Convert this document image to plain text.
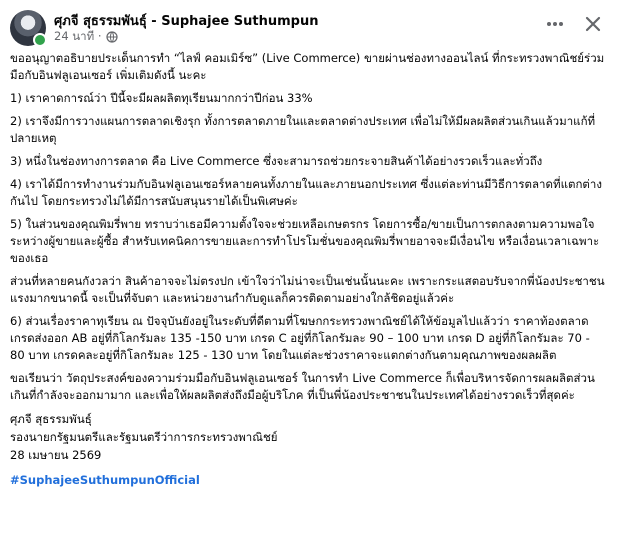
ศุภจี สุธรรมพันธุ์ - Suphajee Suthumpun
24 นาที ·

ขออนุญาตอธิบายประเด็นการทำ “ไลฟ์ คอมเมิร์ซ” (Live Commerce) ขายผ่านช่องทางออนไลน์ ที่กระทรวงพาณิชย์ร่วมมือกับอินฟลูเอนเซอร์ เพิ่มเติมดังนี้ นะคะ

1) เราคาดการณ์ว่า ปีนี้จะมีผลผลิตทุเรียนมากกว่าปีก่อน 33%

2) เราจึงมีการวางแผนการตลาดเชิงรุก ทั้งการตลาดภายในและตลาดต่างประเทศ เพื่อไม่ให้มีผลผลิตส่วนเกินแล้วมาแก้ที่ปลายเหตุ

3) หนึ่งในช่องทางการตลาด คือ Live Commerce ซึ่งจะสามารถช่วยกระจายสินค้าได้อย่างรวดเร็วและทั่วถึง

4) เราได้มีการทำงานร่วมกับอินฟลูเอนเซอร์หลายคนทั้งภายในและภายนอกประเทศ ซึ่งแต่ละท่านมีวิธีการตลาดที่แตกต่างกันไป โดยกระทรวงไม่ได้มีการสนับสนุนรายได้เป็นพิเศษค่ะ

5) ในส่วนของคุณพิมรี่พาย ทราบว่าเธอมีความตั้งใจจะช่วยเหลือเกษตรกร โดยการซื้อ/ขายเป็นการตกลงตามความพอใจระหว่างผู้ขายและผู้ซื้อ สำหรับเทคนิคการขายและการทำโปรโมชั่นของคุณพิมรี่พายอาจจะมีเงื่อนไข หรือเงื่อนเวลาเฉพาะของเธอ

ส่วนที่หลายคนกังวลว่า สินค้าอาจจะไม่ตรงปก เข้าใจว่าไม่น่าจะเป็นเช่นนั้นนะคะ เพราะกระแสตอบรับจากพี่น้องประชาชนแรงมากขนาดนี้ จะเป็นที่จับตา และหน่วยงานกำกับดูแลก็ควรติดตามอย่างใกล้ชิดอยู่แล้วค่ะ

6) ส่วนเรื่องราคาทุเรียน ณ ปัจจุบันยังอยู่ในระดับที่ดีตามที่โฆษกกระทรวงพาณิชย์ได้ให้ข้อมูลไปแล้วว่า ราคาท้องตลาด เกรดส่งออก AB อยู่ที่กิโลกรัมละ 135 -150 บาท เกรด C อยู่ที่กิโลกรัมละ 90 – 100 บาท เกรด D อยู่ที่กิโลกรัมละ 70 - 80 บาท เกรดคละอยู่ที่กิโลกรัมละ 125 - 130 บาท โดยในแต่ละช่วงราคาจะแตกต่างกันตามคุณภาพของผลผลิต

ขอเรียนว่า วัตถุประสงค์ของความร่วมมือกับอินฟลูเอนเซอร์ ในการทำ Live Commerce ก็เพื่อบริหารจัดการผลผลิตส่วนเกินที่กำลังจะออกมามาก และเพื่อให้ผลผลิตส่งถึงมือผู้บริโภค ที่เป็นพี่น้องประชาชนในประเทศได้อย่างรวดเร็วที่สุดค่ะ

ศุภจี สุธรรมพันธุ์

รองนายกรัฐมนตรีและรัฐมนตรีว่าการกระทรวงพาณิชย์

28 เมษายน 2569

#SuphajeeSuthumpunOfficial
